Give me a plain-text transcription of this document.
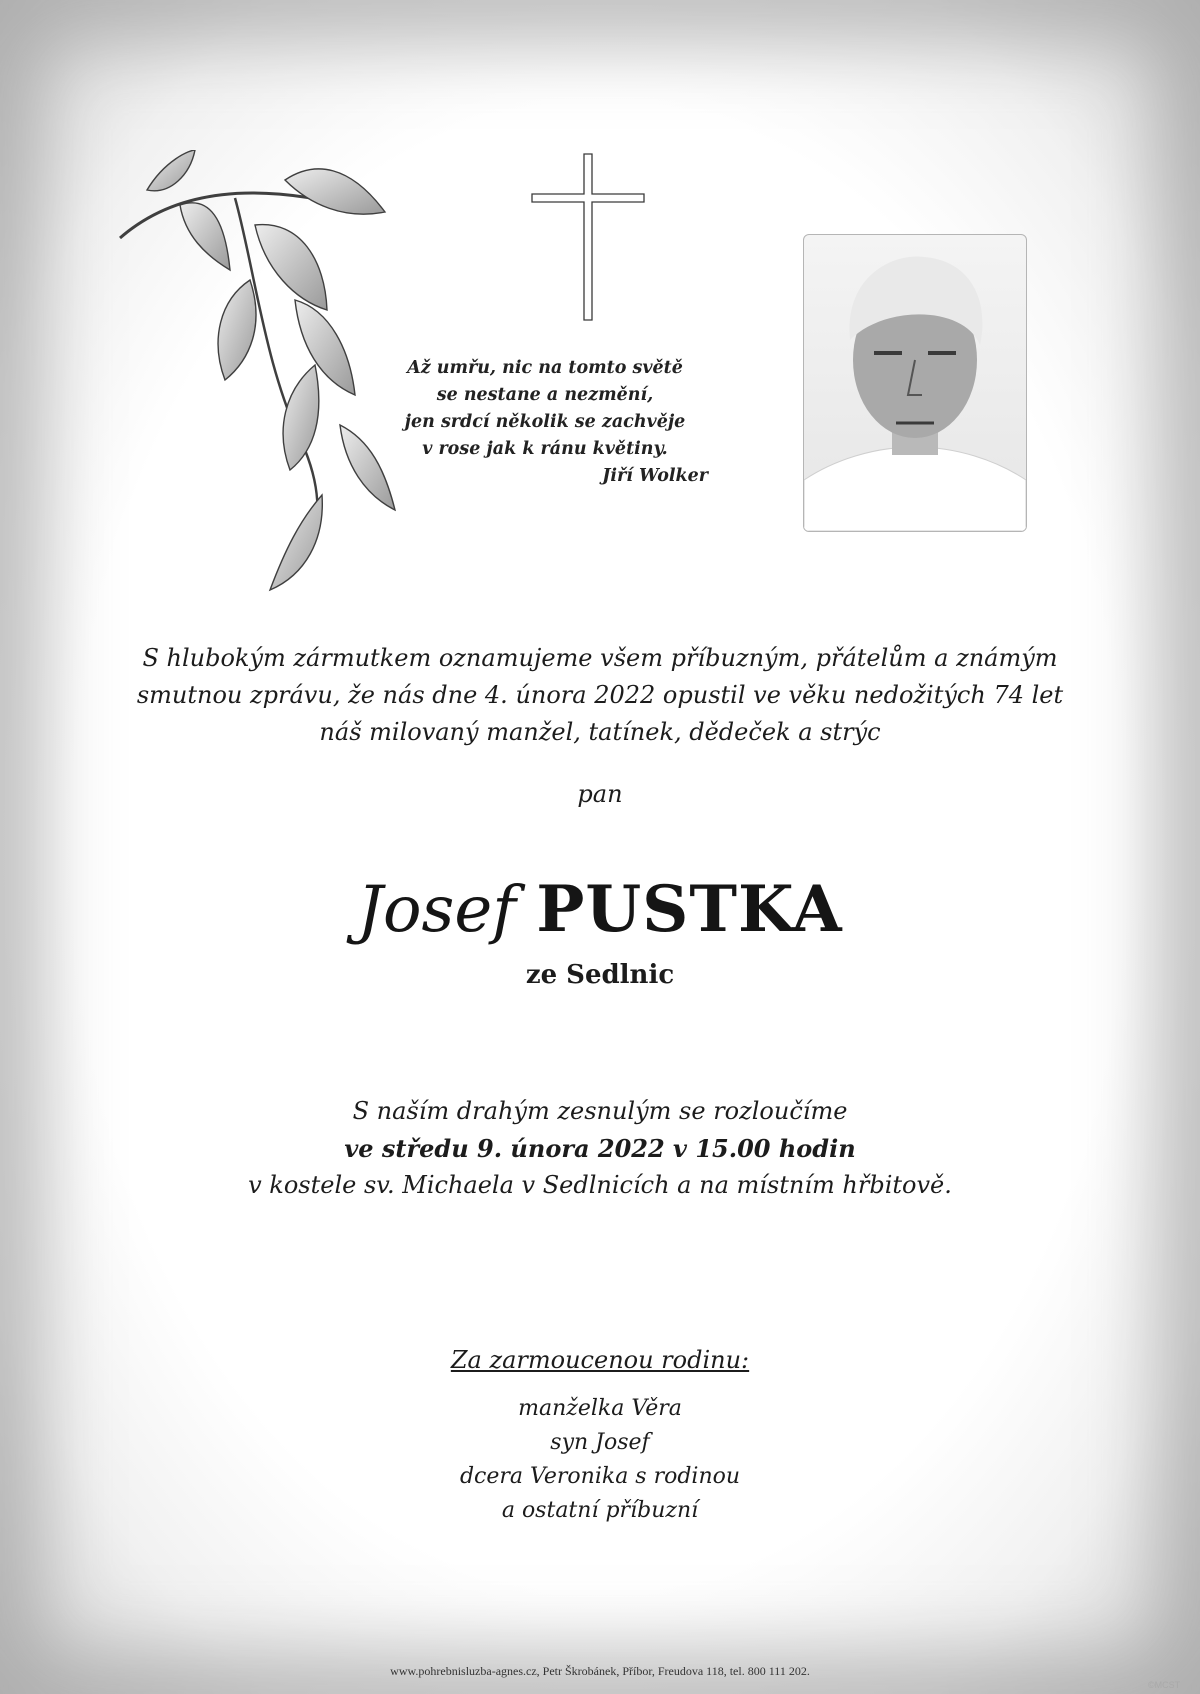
Až umřu, nic na tomto světě
se nestane a nezmění,
jen srdcí několik se zachvěje
v rose jak k ránu květiny.
Jiří Wolker
S hlubokým zármutkem oznamujeme všem příbuzným, přátelům a známým
smutnou zprávu, že nás dne 4. února 2022 opustil ve věku nedožitých 74 let
náš milovaný manžel, tatínek, dědeček a strýc
pan
Josef PUSTKA
ze Sedlnic
S naším drahým zesnulým se rozloučíme
ve středu 9. února 2022 v 15.00 hodin
v kostele sv. Michaela v Sedlnicích a na místním hřbitově.
Za zarmoucenou rodinu:
manželka Věra
syn Josef
dcera Veronika s rodinou
a ostatní příbuzní
www.pohrebnisluzba-agnes.cz, Petr Škrobánek, Příbor, Freudova 118, tel. 800 111 202.
©MCST
